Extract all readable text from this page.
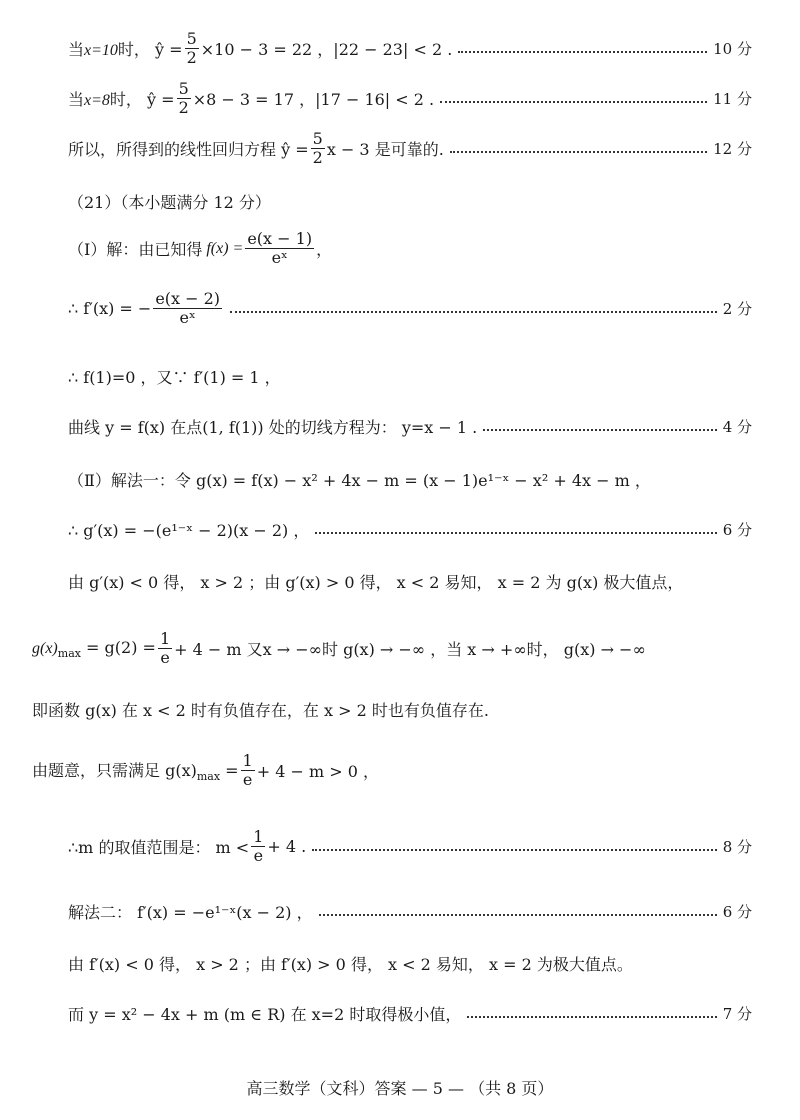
当x=10时， ŷ = $\frac{5}{2} \times 10 - 3 = 22$ ，|22 − 23| < 2 .	10 分
当x=8时， ŷ = $\frac{5}{2} \times 8 - 3 = 17$ ，|17 − 16| < 2 .	11 分
所以，所得到的线性回归方程 ŷ = $\frac{5}{2}$ x − 3 是可靠的.	12 分
（21）（本小题满分 12 分）
（Ⅰ）解：由已知得 $f(x) = \frac{e(x - 1)}{\text{eˣ}}$ ，
∴ f′(x) = − $\frac{e(x - 2)}{\text{eˣ}}$	2 分
∴ f(1)=0 ，又∵ f′(1) = 1 ，
曲线 y = f(x) 在点(1, f(1)) 处的切线方程为： y=x − 1 .	4 分
（Ⅱ）解法一：令 g(x) = f(x) − x² + 4x − m = (x − 1)e¹⁻ˣ − x² + 4x − m ，
∴ g′(x) = −(e¹⁻ˣ − 2)(x − 2) ，	6 分
由 g′(x) < 0 得， x > 2 ；由 g′(x) > 0 得， x < 2 易知， x = 2 为 g(x) 极大值点，
$g(x)_{max} = g(2) = \frac{1}{e} + 4 - m$ 又x → −∞时 g(x) → −∞ ，当 x → +∞时， g(x) → −∞
即函数 g(x) 在 x < 2 时有负值存在，在 x > 2 时也有负值存在.
由题意，只需满足 $g(x)_{max} = \frac{1}{e} + 4 - m > 0$ ，
∴m 的取值范围是： $m < \frac{1}{e} + 4$ .	8 分
解法二： f′(x) = −e¹⁻ˣ(x − 2) ，	6 分
由 f′(x) < 0 得， x > 2 ；由 f′(x) > 0 得， x < 2 易知， x = 2 为极大值点。
而 y = x² − 4x + m (m ∈ R) 在 x=2 时取得极小值，	7 分
高三数学（文科）答案 — 5 — （共 8 页）
